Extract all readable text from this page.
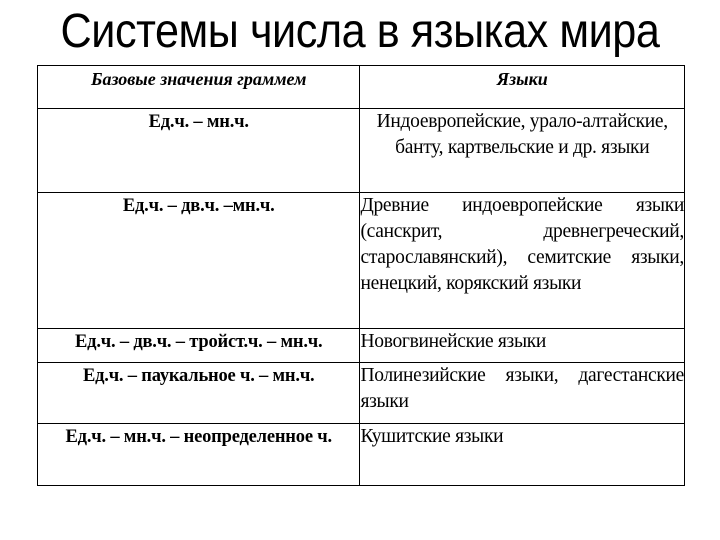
Системы числа в языках мира
Базовые значения граммем	Языки
Ед.ч. – мн.ч.	Индоевропейские, урало-алтайские, банту, картвельские и др. языки
Ед.ч. – дв.ч. –мн.ч.	Древние индоевропейские языки (санскрит, древнегреческий, старославянский), семитские языки, ненецкий, корякский языки
Ед.ч. – дв.ч. – тройст.ч. – мн.ч.	Новогвинейские языки
Ед.ч. – паукальное ч. – мн.ч.	Полинезийские языки, дагестанские языки
Ед.ч. – мн.ч. – неопределенное ч.	Кушитские языки
